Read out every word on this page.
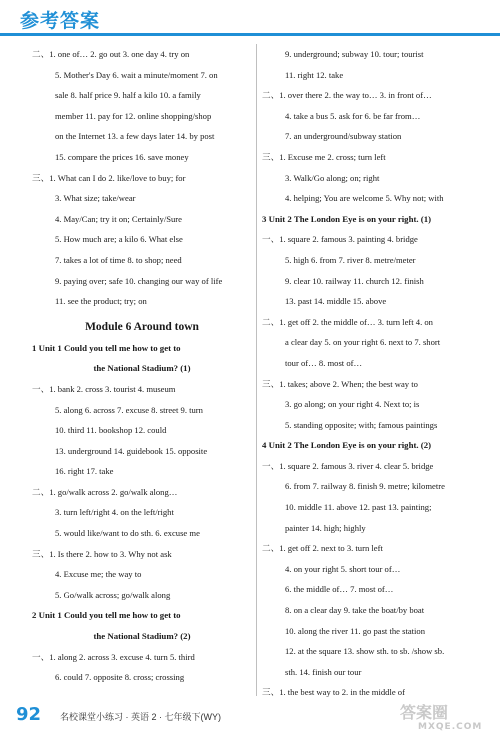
参考答案
二、1. one of… 2. go out 3. one day 4. try on
5. Mother's Day 6. wait a minute/moment 7. on
sale 8. half price 9. half a kilo 10. a family
member 11. pay for 12. online shopping/shop
on the Internet 13. a few days later 14. by post
15. compare the prices 16. save money
三、1. What can I do 2. like/love to buy; for
3. What size; take/wear
4. May/Can; try it on; Certainly/Sure
5. How much are; a kilo 6. What else
7. takes a lot of time 8. to shop; need
9. paying over; safe 10. changing our way of life
11. see the product; try; on
Module 6 Around town
1 Unit 1 Could you tell me how to get to
the National Stadium? (1)
一、1. bank 2. cross 3. tourist 4. museum
5. along 6. across 7. excuse 8. street 9. turn
10. third 11. bookshop 12. could
13. underground 14. guidebook 15. opposite
16. right 17. take
二、1. go/walk across 2. go/walk along…
3. turn left/right 4. on the left/right
5. would like/want to do sth. 6. excuse me
三、1. Is there 2. how to 3. Why not ask
4. Excuse me; the way to
5. Go/walk across; go/walk along
2 Unit 1 Could you tell me how to get to
the National Stadium? (2)
一、1. along 2. across 3. excuse 4. turn 5. third
6. could 7. opposite 8. cross; crossing
9. underground; subway 10. tour; tourist
11. right 12. take
二、1. over there 2. the way to… 3. in front of…
4. take a bus 5. ask for 6. be far from…
7. an underground/subway station
三、1. Excuse me 2. cross; turn left
3. Walk/Go along; on; right
4. helping; You are welcome 5. Why not; with
3 Unit 2 The London Eye is on your right. (1)
一、1. square 2. famous 3. painting 4. bridge
5. high 6. from 7. river 8. metre/meter
9. clear 10. railway 11. church 12. finish
13. past 14. middle 15. above
二、1. get off 2. the middle of… 3. turn left 4. on
a clear day 5. on your right 6. next to 7. short
tour of… 8. most of…
三、1. takes; above 2. When; the best way to
3. go along; on your right 4. Next to; is
5. standing opposite; with; famous paintings
4 Unit 2 The London Eye is on your right. (2)
一、1. square 2. famous 3. river 4. clear 5. bridge
6. from 7. railway 8. finish 9. metre; kilometre
10. middle 11. above 12. past 13. painting;
painter 14. high; highly
二、1. get off 2. next to 3. turn left
4. on your right 5. short tour of…
6. the middle of… 7. most of…
8. on a clear day 9. take the boat/by boat
10. along the river 11. go past the station
12. at the square 13. show sth. to sb. /show sb.
sth. 14. finish our tour
三、1. the best way to 2. in the middle of
92 名校课堂小练习 · 英语 2 · 七年级下(WY)	答案圈
MXQE.COM
